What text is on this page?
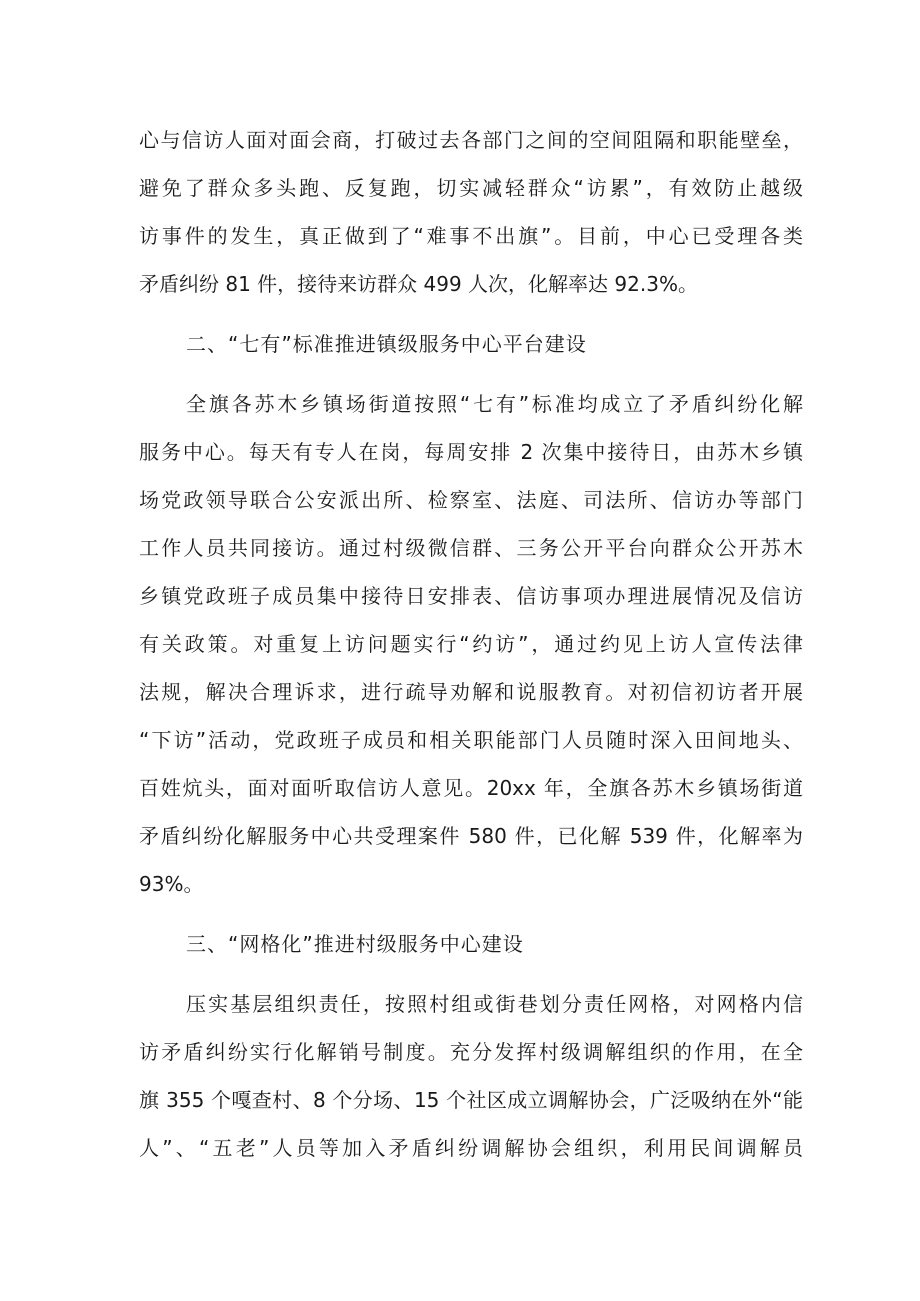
心与信访人面对面会商，打破过去各部门之间的空间阻隔和职能壁垒，
避免了群众多头跑、反复跑，切实减轻群众“访累”，有效防止越级
访事件的发生，真正做到了“难事不出旗”。目前，中心已受理各类
矛盾纠纷 81 件，接待来访群众 499 人次，化解率达 92.3%。
二、“七有”标准推进镇级服务中心平台建设
全旗各苏木乡镇场街道按照“七有”标准均成立了矛盾纠纷化解
服务中心。每天有专人在岗，每周安排 2 次集中接待日，由苏木乡镇
场党政领导联合公安派出所、检察室、法庭、司法所、信访办等部门
工作人员共同接访。通过村级微信群、三务公开平台向群众公开苏木
乡镇党政班子成员集中接待日安排表、信访事项办理进展情况及信访
有关政策。对重复上访问题实行“约访”，通过约见上访人宣传法律
法规，解决合理诉求，进行疏导劝解和说服教育。对初信初访者开展
“下访”活动，党政班子成员和相关职能部门人员随时深入田间地头、
百姓炕头，面对面听取信访人意见。20xx 年，全旗各苏木乡镇场街道
矛盾纠纷化解服务中心共受理案件 580 件，已化解 539 件，化解率为
93%。
三、“网格化”推进村级服务中心建设
压实基层组织责任，按照村组或街巷划分责任网格，对网格内信
访矛盾纠纷实行化解销号制度。充分发挥村级调解组织的作用，在全
旗 355 个嘎查村、8 个分场、15 个社区成立调解协会，广泛吸纳在外“能
人”、“五老”人员等加入矛盾纠纷调解协会组织，利用民间调解员
